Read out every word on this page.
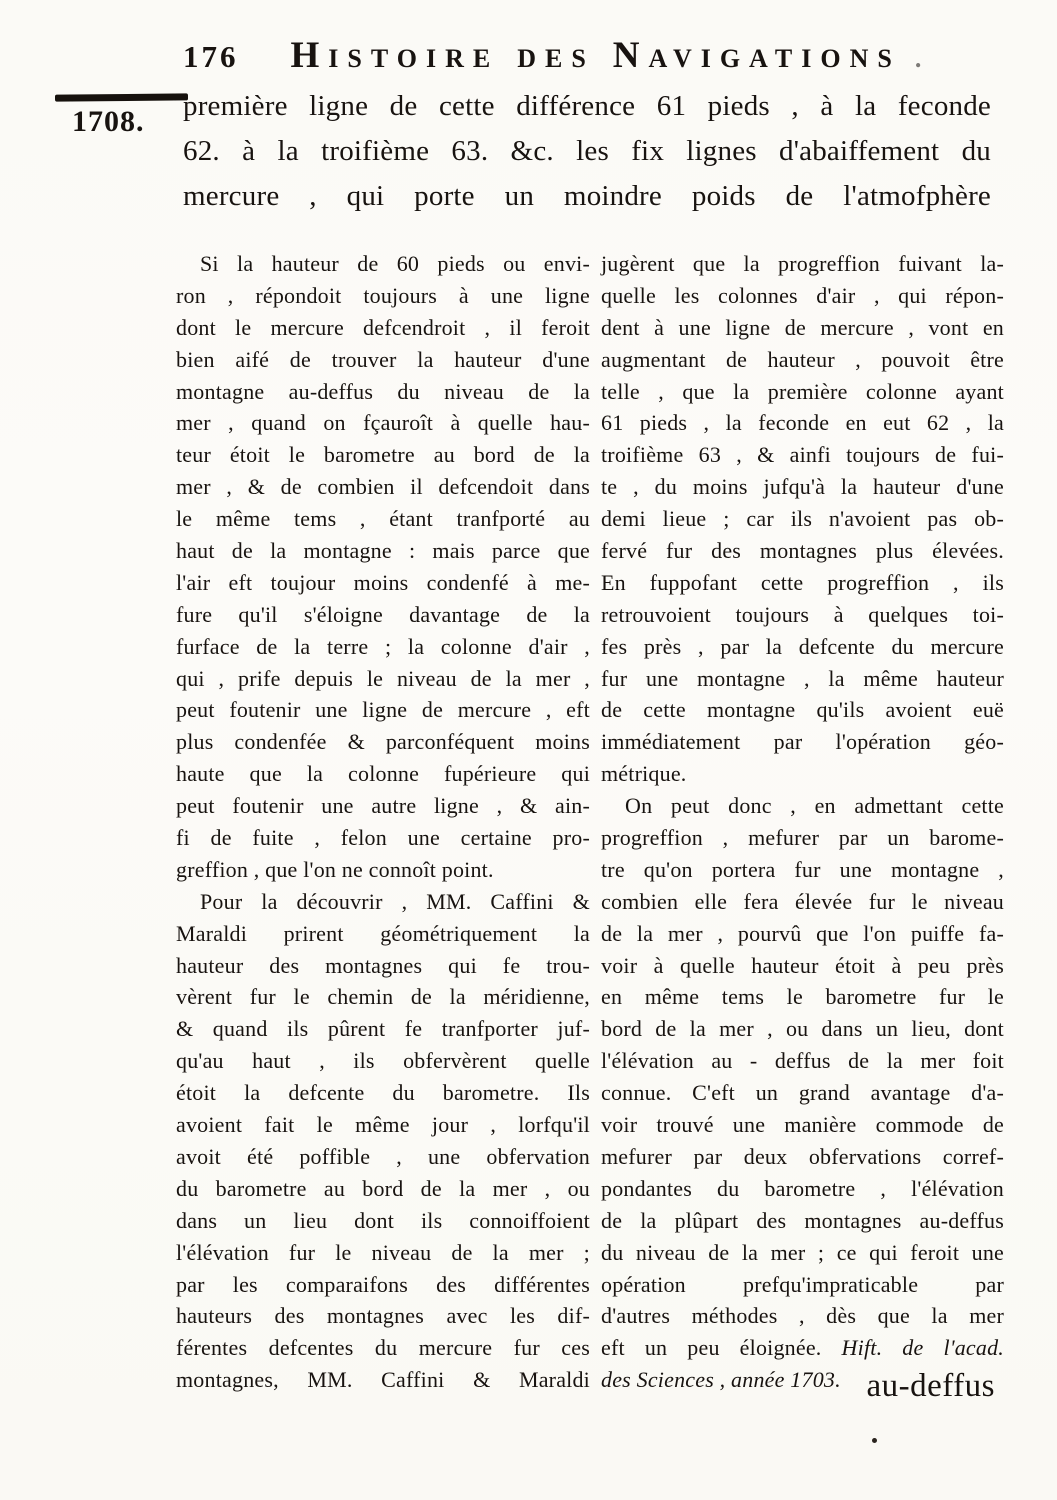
176 H ISTOIRE DES N AVIGATIONS .
1708. première ligne de cette différence 61 pieds , à la feconde
62. à la troifième 63. &c. les fix lignes d'abaiffement du
mercure , qui porte un moindre poids de l'atmofphère
Si la hauteur de 60 pieds ou envi-
ron , répondoit toujours à une ligne
dont le mercure defcendroit , il feroit
bien aifé de trouver la hauteur d'une
montagne au-deffus du niveau de la
mer , quand on fçauroît à quelle hau-
teur étoit le barometre au bord de la
mer , & de combien il defcendoit dans
le même tems , étant tranfporté au
haut de la montagne : mais parce que
l'air eft toujour moins condenfé à me-
fure qu'il s'éloigne davantage de la
furface de la terre ; la colonne d'air ,
qui , prife depuis le niveau de la mer ,
peut foutenir une ligne de mercure , eft
plus condenfée & parconféquent moins
haute que la colonne fupérieure qui
peut foutenir une autre ligne , & ain-
fi de fuite , felon une certaine pro-
greffion , que l'on ne connoît point.
Pour la découvrir , MM. Caffini &
Maraldi prirent géométriquement la
hauteur des montagnes qui fe trou-
vèrent fur le chemin de la méridienne,
& quand ils pûrent fe tranfporter juf-
qu'au haut , ils obfervèrent quelle
étoit la defcente du barometre. Ils
avoient fait le même jour , lorfqu'il
avoit été poffible , une obfervation
du barometre au bord de la mer , ou
dans un lieu dont ils connoiffoient
l'élévation fur le niveau de la mer ;
par les comparaifons des différentes
hauteurs des montagnes avec les dif-
férentes defcentes du mercure fur ces
montagnes, MM. Caffini & Maraldi
jugèrent que la progreffion fuivant la-
quelle les colonnes d'air , qui répon-
dent à une ligne de mercure , vont en
augmentant de hauteur , pouvoit être
telle , que la première colonne ayant
61 pieds , la feconde en eut 62 , la
troifième 63 , & ainfi toujours de fui-
te , du moins jufqu'à la hauteur d'une
demi lieue ; car ils n'avoient pas ob-
fervé fur des montagnes plus élevées.
En fuppofant cette progreffion , ils
retrouvoient toujours à quelques toi-
fes près , par la defcente du mercure
fur une montagne , la même hauteur
de cette montagne qu'ils avoient euë
immédiatement par l'opération géo-
métrique.
On peut donc , en admettant cette
progreffion , mefurer par un barome-
tre qu'on portera fur une montagne ,
combien elle fera élevée fur le niveau
de la mer , pourvû que l'on puiffe fa-
voir à quelle hauteur étoit à peu près
en même tems le barometre fur le
bord de la mer , ou dans un lieu, dont
l'élévation au - deffus de la mer foit
connue. C'eft un grand avantage d'a-
voir trouvé une manière commode de
mefurer par deux obfervations corref-
pondantes du barometre , l'élévation
de la plûpart des montagnes au-deffus
du niveau de la mer ; ce qui feroit une
opération prefqu'impraticable par
d'autres méthodes , dès que la mer
eft un peu éloignée. Hift. de l'acad.
des Sciences , année 1703. au-deffus
